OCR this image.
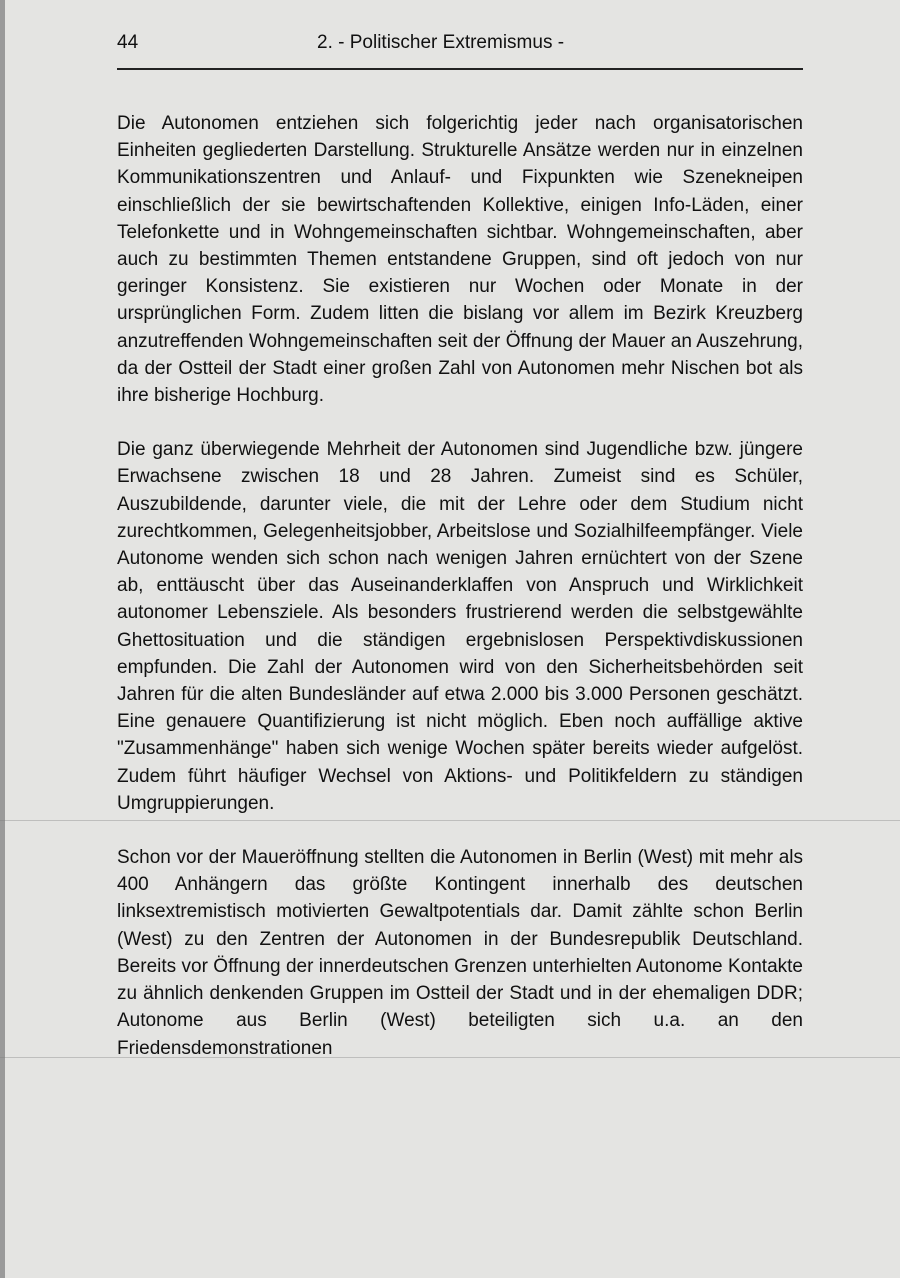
44	2. - Politischer Extremismus -

Die Autonomen entziehen sich folgerichtig jeder nach organisatorischen Einheiten gegliederten Darstellung. Strukturelle Ansätze werden nur in einzelnen Kommunikationszentren und Anlauf- und Fixpunkten wie Szenekneipen einschließlich der sie bewirtschaftenden Kollektive, einigen Info-Läden, einer Telefonkette und in Wohngemeinschaften sichtbar. Wohngemeinschaften, aber auch zu bestimmten Themen entstandene Gruppen, sind oft jedoch von nur geringer Konsistenz. Sie existieren nur Wochen oder Monate in der ursprünglichen Form. Zudem litten die bislang vor allem im Bezirk Kreuzberg anzutreffenden Wohngemeinschaften seit der Öffnung der Mauer an Auszehrung, da der Ostteil der Stadt einer großen Zahl von Autonomen mehr Nischen bot als ihre bisherige Hochburg.

Die ganz überwiegende Mehrheit der Autonomen sind Jugendliche bzw. jüngere Erwachsene zwischen 18 und 28 Jahren. Zumeist sind es Schüler, Auszubildende, darunter viele, die mit der Lehre oder dem Studium nicht zurechtkommen, Gelegenheitsjobber, Arbeitslose und Sozialhilfeempfänger. Viele Autonome wenden sich schon nach wenigen Jahren ernüchtert von der Szene ab, enttäuscht über das Auseinanderklaffen von Anspruch und Wirklichkeit autonomer Lebensziele. Als besonders frustrierend werden die selbstgewählte Ghettosituation und die ständigen ergebnislosen Perspektivdiskussionen empfunden. Die Zahl der Autonomen wird von den Sicherheitsbehörden seit Jahren für die alten Bundesländer auf etwa 2.000 bis 3.000 Personen geschätzt. Eine genauere Quantifizierung ist nicht möglich. Eben noch auffällige aktive "Zusammenhänge" haben sich wenige Wochen später bereits wieder aufgelöst. Zudem führt häufiger Wechsel von Aktions- und Politikfeldern zu ständigen Umgruppierungen.

Schon vor der Maueröffnung stellten die Autonomen in Berlin (West) mit mehr als 400 Anhängern das größte Kontingent innerhalb des deutschen linksextremistisch motivierten Gewaltpotentials dar. Damit zählte schon Berlin (West) zu den Zentren der Autonomen in der Bundesrepublik Deutschland. Bereits vor Öffnung der innerdeutschen Grenzen unterhielten Autonome Kontakte zu ähnlich denkenden Gruppen im Ostteil der Stadt und in der ehemaligen DDR; Autonome aus Berlin (West) beteiligten sich u.a. an den Friedensdemonstrationen
